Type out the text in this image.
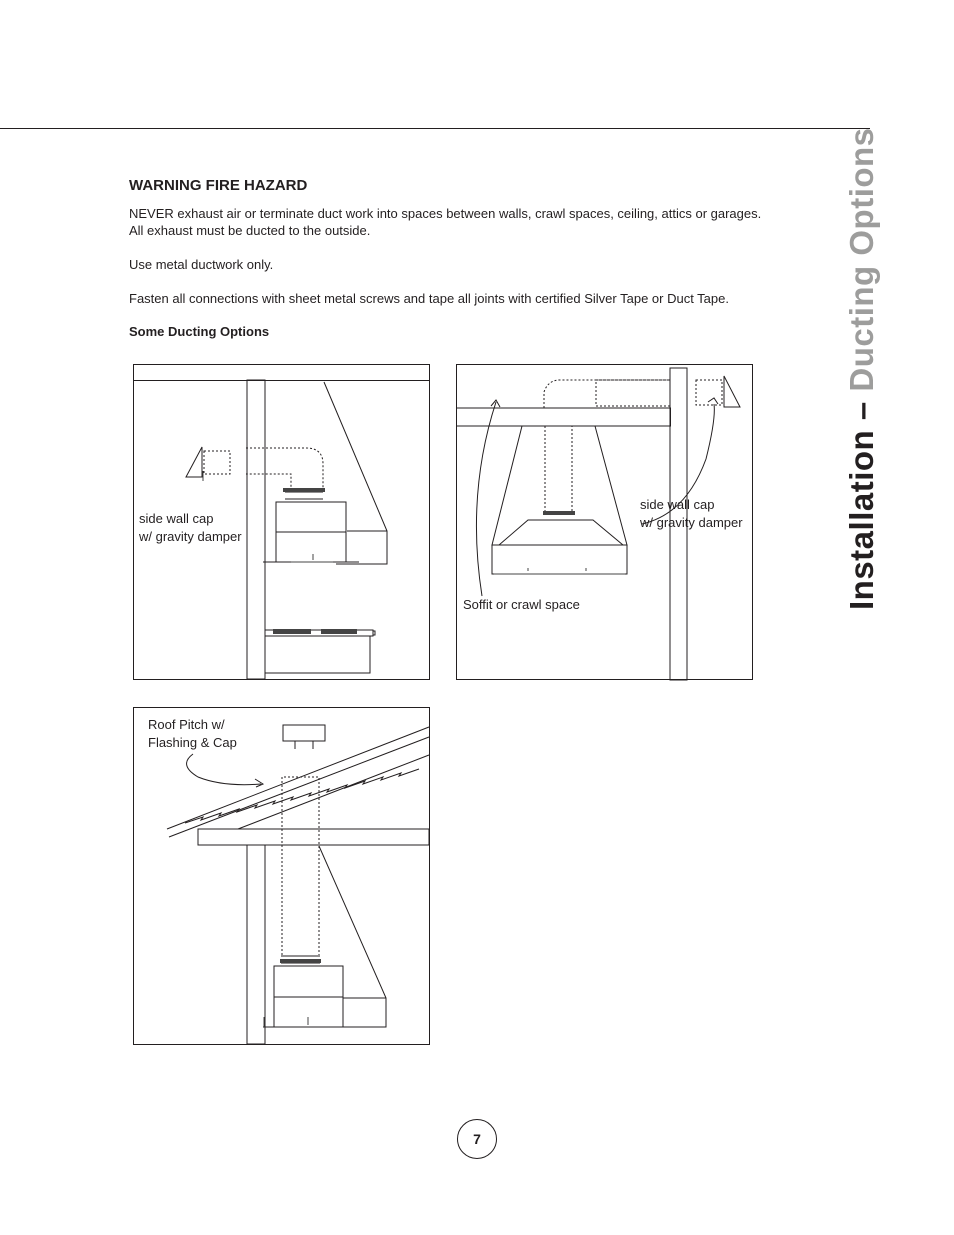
Installation – Ducting Options
WARNING FIRE HAZARD
NEVER exhaust air or terminate duct work into spaces between walls, crawl spaces, ceiling, attics or garages.
All exhaust must be ducted to the outside.
Use metal ductwork only.
Fasten all connections with sheet metal screws and tape all joints with certified Silver Tape or Duct Tape.
Some Ducting Options
side wall cap
w/ gravity damper
side wall cap
w/ gravity damper
Soffit or crawl space
Roof Pitch w/
Flashing & Cap
7
